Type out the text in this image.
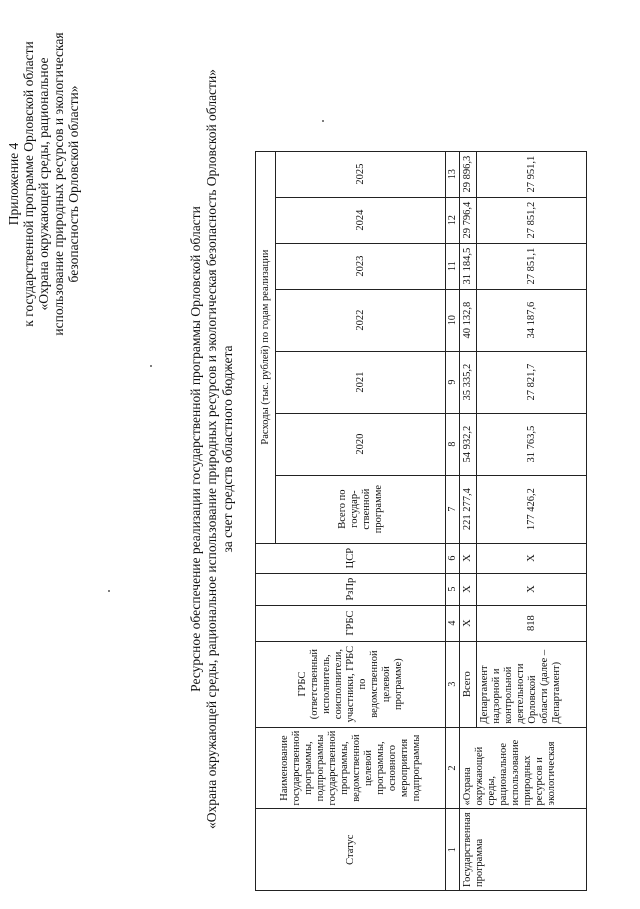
Приложение 4 к государственной программе Орловской области «Охрана окружающей среды, рациональное использование природных ресурсов и экологическая безопасность Орловской области»
Ресурсное обеспечение реализации государственной программы Орловской области «Охрана окружающей среды, рациональное использование природных ресурсов и экологическая безопасность Орловской области» за счет средств областного бюджета
Статус	Наименование государственной программы, подпрограммы государственной программы, ведомственной целевой программы, основного мероприятия подпрограммы	ГРБС (ответственный исполнитель, соисполнители, участники, ГРБС по ведомственной целевой программе)	ГРБС	РзПр	ЦСР	Расходы (тыс. рублей) по годам реализации						
						Всего по государ-ственной программе	2020	2021	2022	2023	2024	2025
1	2	3	4	5	6	7	8	9	10	11	12	13
Государственная программа	«Охрана окружающей среды, рациональное использование природных ресурсов и экологическая	Всего	Х	Х	Х	221 277,4	54 932,2	35 335,2	40 132,8	31 184,5	29 796,4	29 896,3
		Департамент надзорной и контрольной деятельности Орловской области (далее – Департамент)	818	Х	Х	177 426,2	31 763,5	27 821,7	34 187,6	27 851,1	27 851,2	27 951,1
